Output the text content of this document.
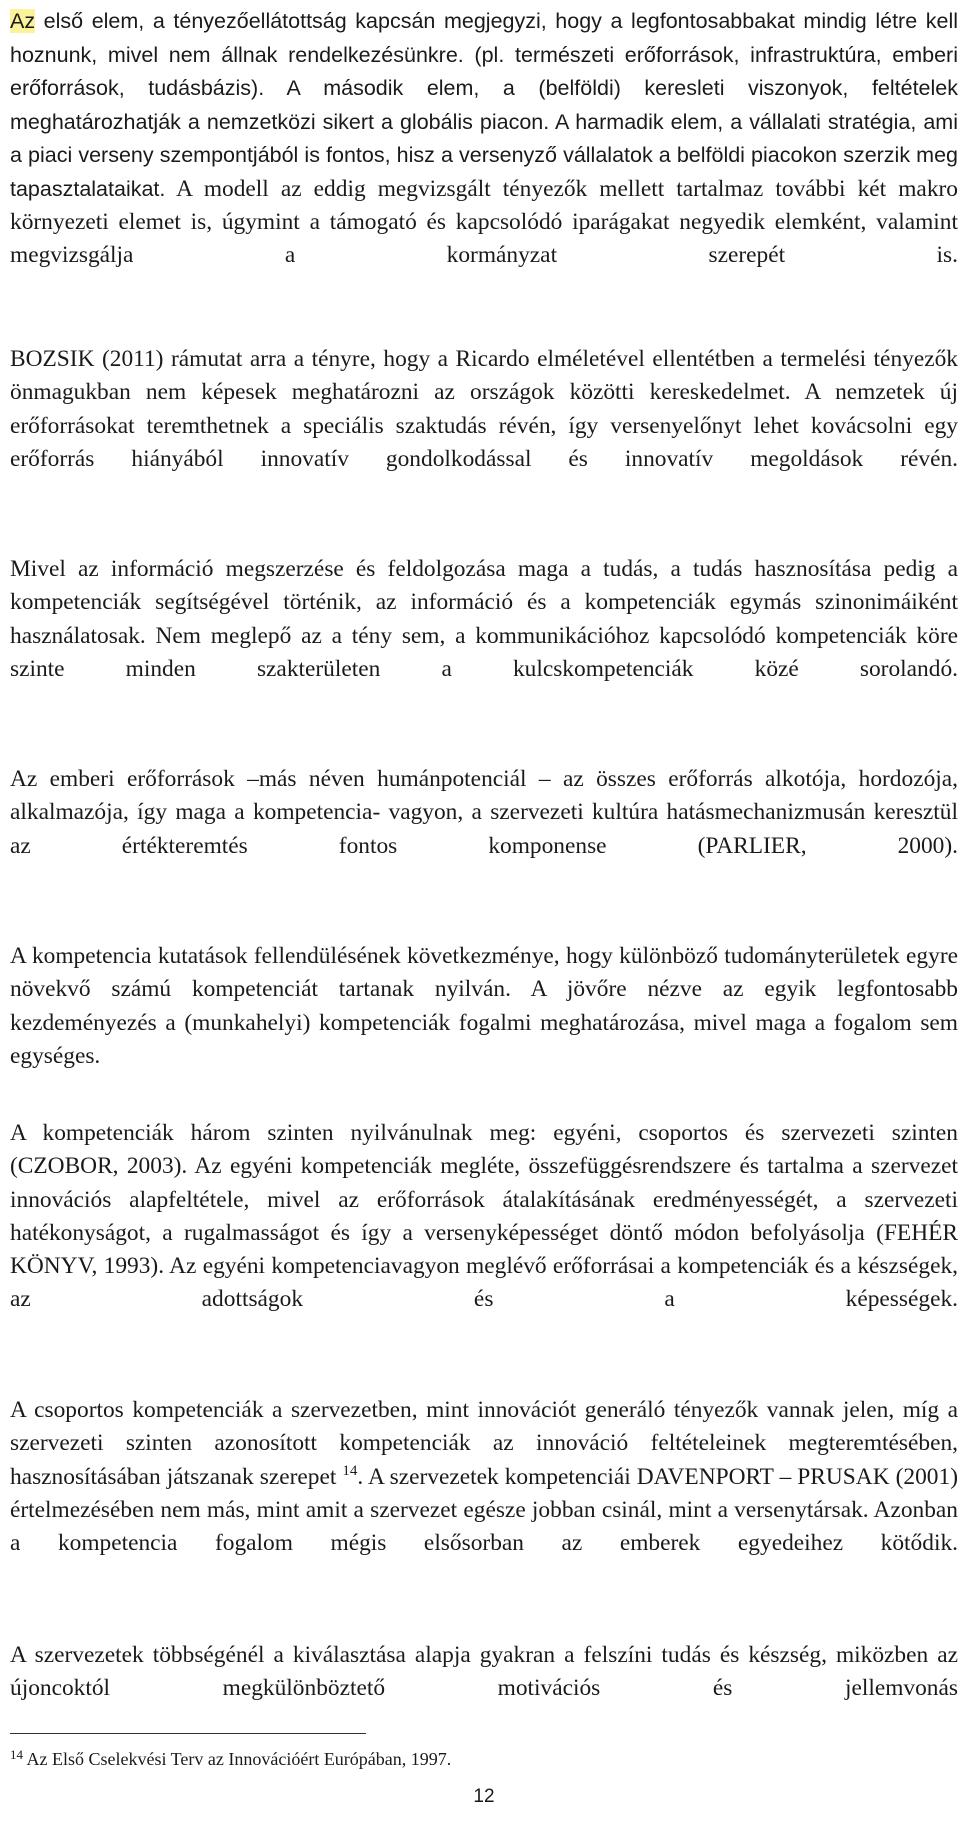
Az első elem, a tényezőellátottság kapcsán megjegyzi, hogy a legfontosabbakat mindig létre kell hoznunk, mivel nem állnak rendelkezésünkre. (pl. természeti erőforrások, infrastruktúra, emberi erőforrások, tudásbázis). A második elem, a (belföldi) keresleti viszonyok, feltételek meghatározhatják a nemzetközi sikert a globális piacon. A harmadik elem, a vállalati stratégia, ami a piaci verseny szempontjából is fontos, hisz a versenyző vállalatok a belföldi piacokon szerzik meg tapasztalataikat. A modell az eddig megvizsgált tényezők mellett tartalmaz további két makro környezeti elemet is, úgymint a támogató és kapcsolódó iparágakat negyedik elemként, valamint megvizsgálja a kormányzat szerepét is.

BOZSIK (2011) rámutat arra a tényre, hogy a Ricardo elméletével ellentétben a termelési tényezők önmagukban nem képesek meghatározni az országok közötti kereskedelmet. A nemzetek új erőforrásokat teremthetnek a speciális szaktudás révén, így versenyelőnyt lehet kovácsolni egy erőforrás hiányából innovatív gondolkodással és innovatív megoldások révén.

Mivel az információ megszerzése és feldolgozása maga a tudás, a tudás hasznosítása pedig a kompetenciák segítségével történik, az információ és a kompetenciák egymás szinonimáiként használatosak. Nem meglepő az a tény sem, a kommunikációhoz kapcsolódó kompetenciák köre szinte minden szakterületen a kulcskompetenciák közé sorolandó.

Az emberi erőforrások –más néven humánpotenciál – az összes erőforrás alkotója, hordozója, alkalmazója, így maga a kompetencia- vagyon, a szervezeti kultúra hatásmechanizmusán keresztül az értékteremtés fontos komponense (PARLIER, 2000).

A kompetencia kutatások fellendülésének következménye, hogy különböző tudományterületek egyre növekvő számú kompetenciát tartanak nyilván. A jövőre nézve az egyik legfontosabb kezdeményezés a (munkahelyi) kompetenciák fogalmi meghatározása, mivel maga a fogalom sem egységes.

A kompetenciák három szinten nyilvánulnak meg: egyéni, csoportos és szervezeti szinten (CZOBOR, 2003). Az egyéni kompetenciák megléte, összefüggésrendszere és tartalma a szervezet innovációs alapfeltétele, mivel az erőforrások átalakításának eredményességét, a szervezeti hatékonyságot, a rugalmasságot és így a versenyképességet döntő módon befolyásolja (FEHÉR KÖNYV, 1993). Az egyéni kompetenciavagyon meglévő erőforrásai a kompetenciák és a készségek, az adottságok és a képességek.

A csoportos kompetenciák a szervezetben, mint innovációt generáló tényezők vannak jelen, míg a szervezeti szinten azonosított kompetenciák az innováció feltételeinek megteremtésében, hasznosításában játszanak szerepet $^{14}$. A szervezetek kompetenciái DAVENPORT – PRUSAK (2001) értelmezésében nem más, mint amit a szervezet egésze jobban csinál, mint a versenytársak. Azonban a kompetencia fogalom mégis elsősorban az emberek egyedeihez kötődik.

A szervezetek többségénél a kiválasztása alapja gyakran a felszíni tudás és készség, miközben az újoncoktól megkülönböztető motivációs és jellemvonás

$^{14}$ Az Első Cselekvési Terv az Innovációért Európában, 1997.

12
